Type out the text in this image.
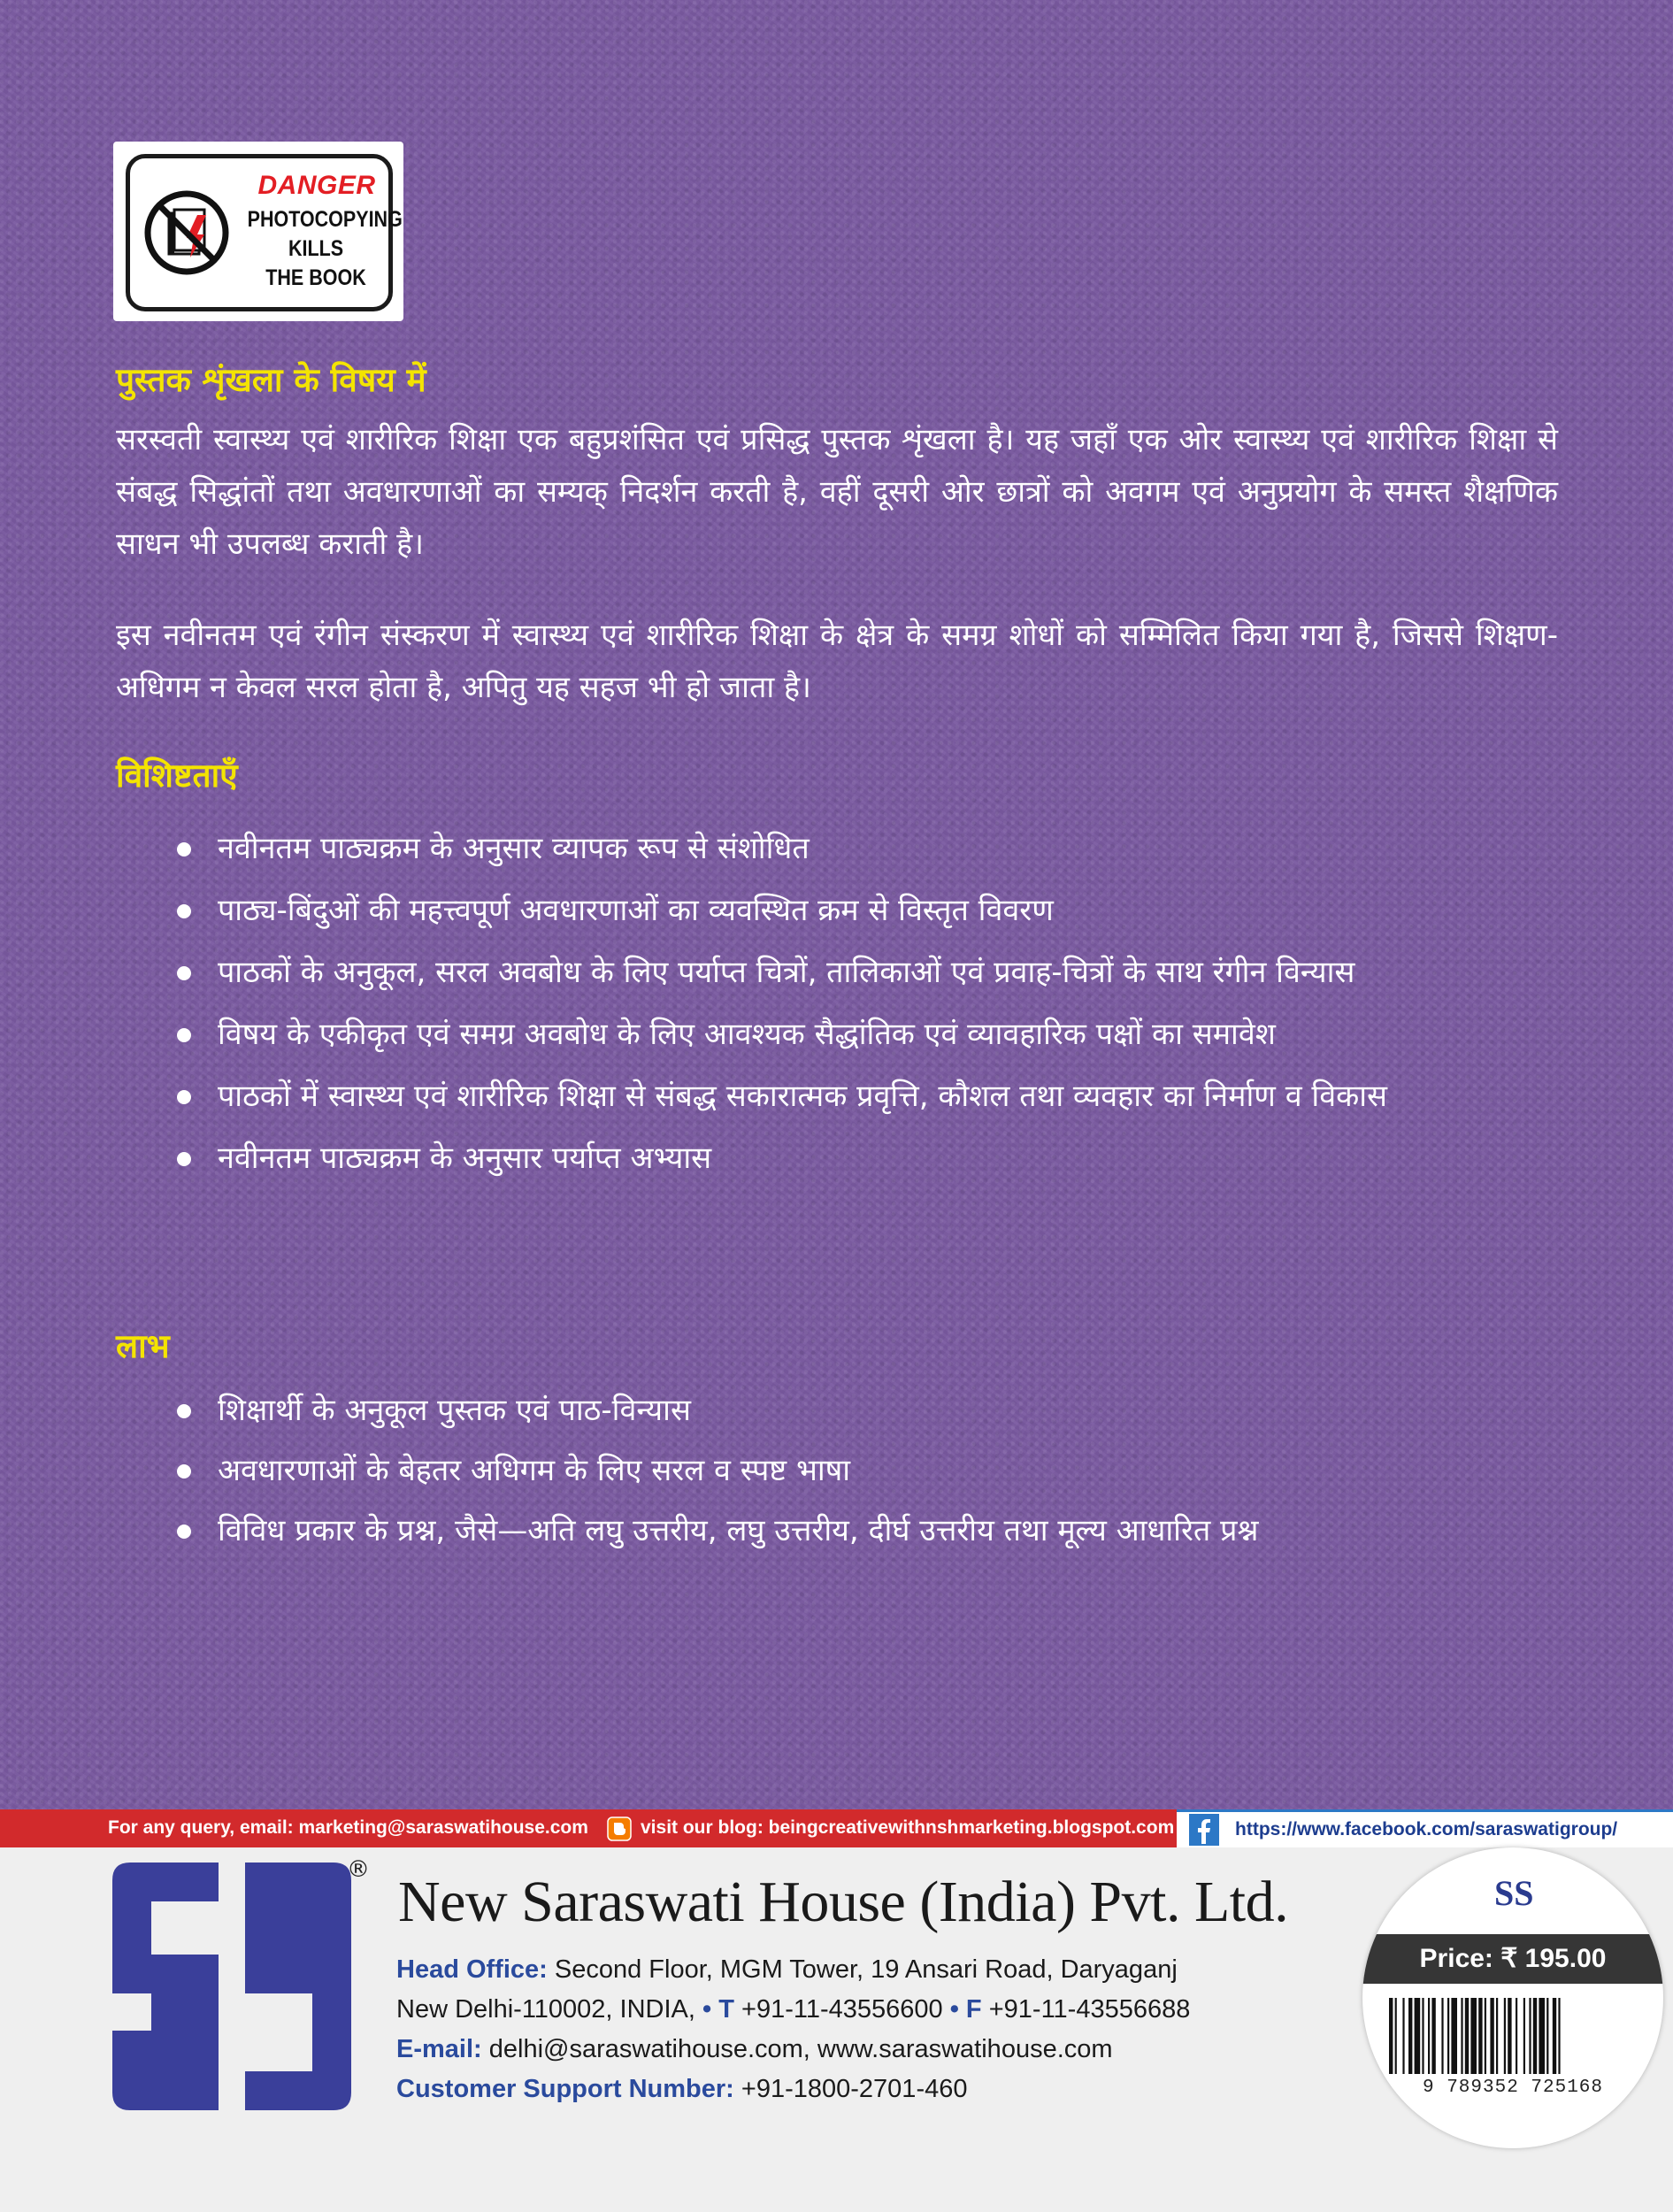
DANGER
PHOTOCOPYING
KILLS
THE BOOK
पुस्तक शृंखला के विषय में

सरस्वती स्वास्थ्य एवं शारीरिक शिक्षा एक बहुप्रशंसित एवं प्रसिद्ध पुस्तक शृंखला है। यह जहाँ एक ओर स्वास्थ्य एवं शारीरिक शिक्षा से संबद्ध सिद्धांतों तथा अवधारणाओं का सम्यक् निदर्शन करती है, वहीं दूसरी ओर छात्रों को अवगम एवं अनुप्रयोग के समस्त शैक्षणिक साधन भी उपलब्ध कराती है।

इस नवीनतम एवं रंगीन संस्करण में स्वास्थ्य एवं शारीरिक शिक्षा के क्षेत्र के समग्र शोधों को सम्मिलित किया गया है, जिससे शिक्षण-अधिगम न केवल सरल होता है, अपितु यह सहज भी हो जाता है।

विशिष्टताएँ
नवीनतम पाठ्यक्रम के अनुसार व्यापक रूप से संशोधित
पाठ्य-बिंदुओं की महत्त्वपूर्ण अवधारणाओं का व्यवस्थित क्रम से विस्तृत विवरण
पाठकों के अनुकूल, सरल अवबोध के लिए पर्याप्त चित्रों, तालिकाओं एवं प्रवाह-चित्रों के साथ रंगीन विन्यास
विषय के एकीकृत एवं समग्र अवबोध के लिए आवश्यक सैद्धांतिक एवं व्यावहारिक पक्षों का समावेश
पाठकों में स्वास्थ्य एवं शारीरिक शिक्षा से संबद्ध सकारात्मक प्रवृत्ति, कौशल तथा व्यवहार का निर्माण व विकास
नवीनतम पाठ्यक्रम के अनुसार पर्याप्त अभ्यास
लाभ
शिक्षार्थी के अनुकूल पुस्तक एवं पाठ-विन्यास
अवधारणाओं के बेहतर अधिगम के लिए सरल व स्पष्ट भाषा
विविध प्रकार के प्रश्न, जैसे—अति लघु उत्तरीय, लघु उत्तरीय, दीर्घ उत्तरीय तथा मूल्य आधारित प्रश्न
For any query, email: marketing@saraswatihouse.com	visit our blog: beingcreativewithnshmarketing.blogspot.com	https://www.facebook.com/saraswatigroup/
® New Saraswati House (India) Pvt. Ltd.
Head Office: Second Floor, MGM Tower, 19 Ansari Road, Daryaganj
New Delhi-110002, INDIA, • T +91-11-43556600 • F +91-11-43556688
E-mail: delhi@saraswatihouse.com, www.saraswatihouse.com
Customer Support Number: +91-1800-2701-460
SS
Price: ₹ 195.00
9 789352 725168
